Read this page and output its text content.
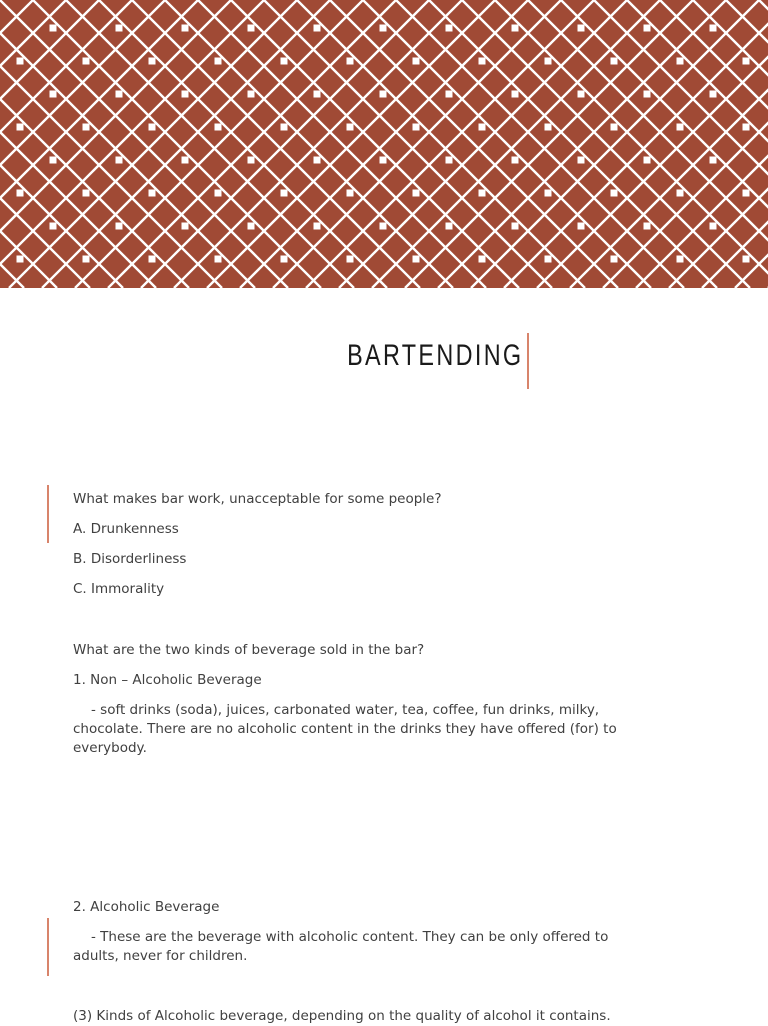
BARTENDING

What makes bar work, unacceptable for some people?

A. Drunkenness

B. Disorderliness

C. Immorality

What are the two kinds of beverage sold in the bar?

1. Non – Alcoholic Beverage

- soft drinks (soda), juices, carbonated water, tea, coffee, fun drinks, milky, chocolate. There are no alcoholic content in the drinks they have offered (for) to everybody.

2. Alcoholic Beverage

- These are the beverage with alcoholic content. They can be only offered to adults, never for children.

(3) Kinds of Alcoholic beverage, depending on the quality of alcohol it contains.
